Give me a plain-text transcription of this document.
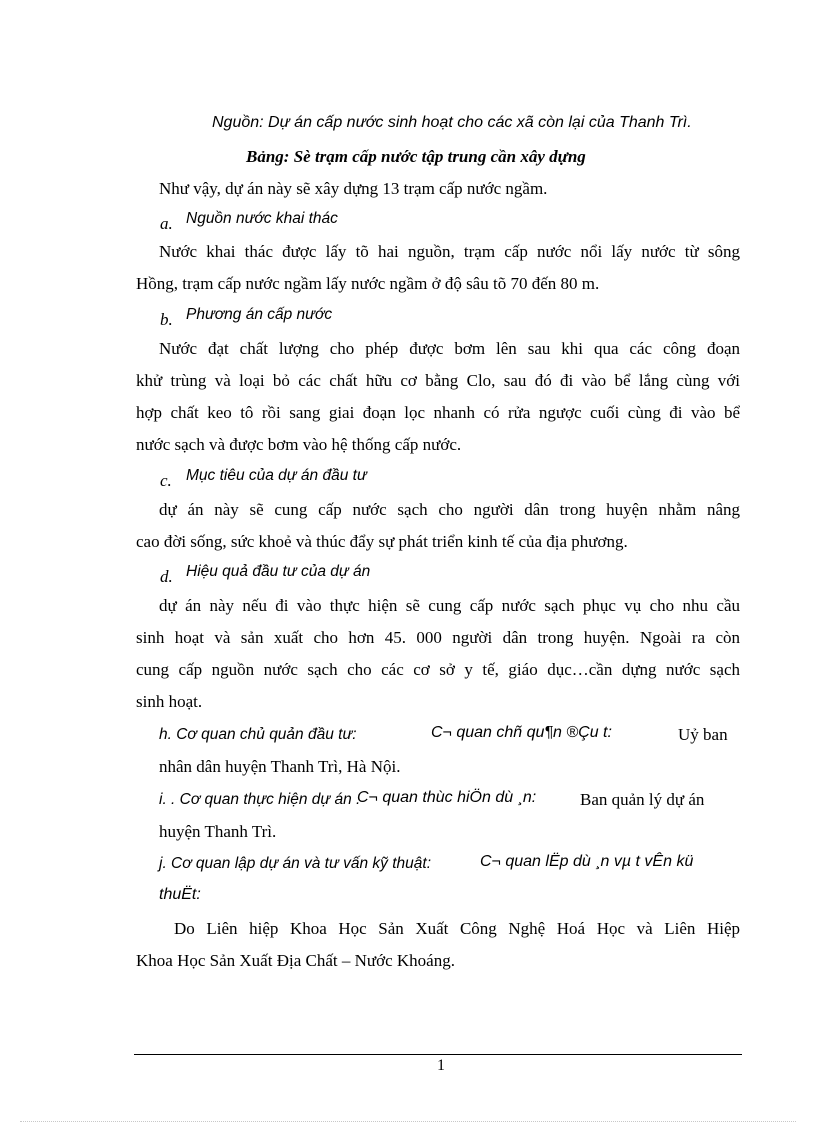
Nguồn: Dự án cấp nước sinh hoạt cho các xã còn lại của Thanh Trì.
Bảng: Sè trạm cấp nước tập trung cần xây dựng
Như vậy, dự án này sẽ xây dựng 13 trạm cấp nước ngầm.
a. Nguồn nước khai thác
Nước khai thác được lấy tõ hai nguồn, trạm cấp nước nổi lấy nước từ sông
Hồng, trạm cấp nước ngầm lấy nước ngầm ở độ sâu tõ 70 đến 80 m.
b. Phương án cấp nước
Nước đạt chất lượng cho phép được bơm lên sau khi qua các công đoạn
khử trùng và loại bỏ các chất hữu cơ bằng Clo, sau đó đi vào bể lắng cùng với
hợp chất keo tô rồi sang giai đoạn lọc nhanh có rửa ngược cuối cùng đi vào bể
nước sạch và được bơm vào hệ thống cấp nước.
c. Mục tiêu của dự án đầu tư
dự án này sẽ cung cấp nước sạch cho người dân trong huyện nhằm nâng
cao đời sống, sức khoẻ và thúc đẩy sự phát triển kinh tế của địa phương.
d. Hiệu quả đầu tư của dự án
dự án này nếu đi vào thực hiện sẽ cung cấp nước sạch phục vụ cho nhu cầu
sinh hoạt và sản xuất cho hơn 45. 000 người dân trong huyện. Ngoài ra còn
cung cấp nguồn nước sạch cho các cơ sở y tế, giáo dục…cần dựng nước sạch
sinh hoạt.
h. Cơ quan chủ quản đầu tư:	C¬ quan chñ qu¶n ®Çu t:	Uỷ ban
nhân dân huyện Thanh Trì, Hà Nội.
i. . Cơ quan thực hiện dự án .
C¬ quan thùc hiÖn dù ¸n:	Ban quản lý dự án
huyện Thanh Trì.
j. Cơ quan lập dự án và tư vấn kỹ thuật:	C¬ quan lËp dù ¸n vµ t vÊn kü
thuËt:
Do Liên hiệp Khoa Học Sản Xuất Công Nghệ Hoá Học và Liên Hiệp
Khoa Học Sản Xuất Địa Chất – Nước Khoáng.
1
